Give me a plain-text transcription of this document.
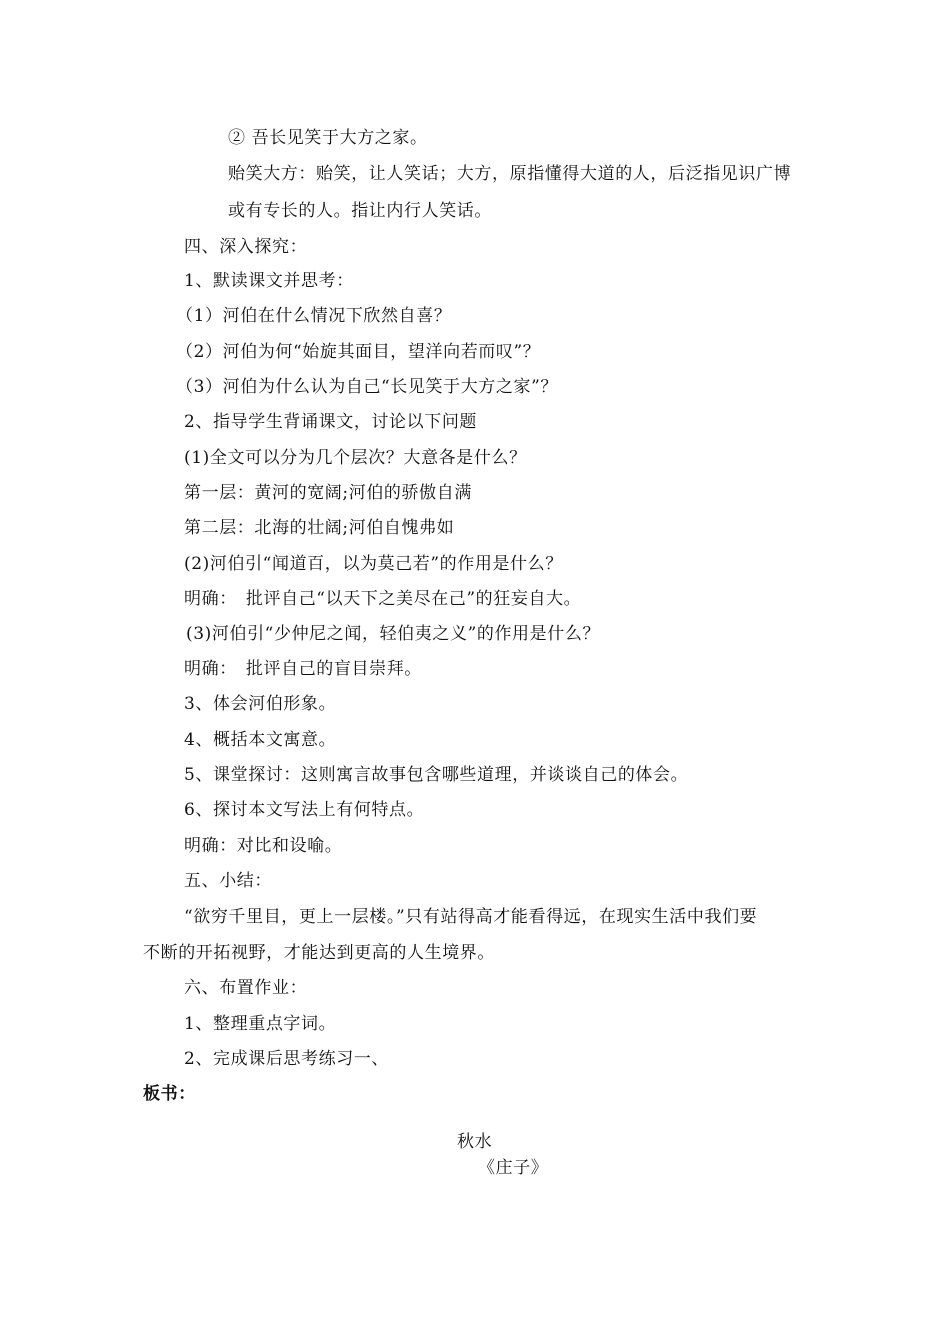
② 吾长见笑于大方之家。
贻笑大方：贻笑，让人笑话；大方，原指懂得大道的人，后泛指见识广博
或有专长的人。指让内行人笑话。
四、深入探究：
1、默读课文并思考：
（1）河伯在什么情况下欣然自喜？
（2）河伯为何“始旋其面目，望洋向若而叹”？
（3）河伯为什么认为自己“长见笑于大方之家”？
2、指导学生背诵课文，讨论以下问题
(1)全文可以分为几个层次？大意各是什么？
第一层：黄河的宽阔;河伯的骄傲自满
第二层：北海的壮阔;河伯自愧弗如
(2)河伯引“闻道百，以为莫己若”的作用是什么？
明确：　批评自己“以天下之美尽在己”的狂妄自大。
(3)河伯引“少仲尼之闻，轻伯夷之义”的作用是什么？
明确：　批评自己的盲目崇拜。
3、体会河伯形象。
4、概括本文寓意。
5、课堂探讨：这则寓言故事包含哪些道理，并谈谈自己的体会。
6、探讨本文写法上有何特点。
明确：对比和设喻。
五、小结：
“欲穷千里目，更上一层楼。”只有站得高才能看得远，在现实生活中我们要
不断的开拓视野，才能达到更高的人生境界。
六、布置作业：
1、整理重点字词。
2、完成课后思考练习一、
板书：
秋水
《庄子》
